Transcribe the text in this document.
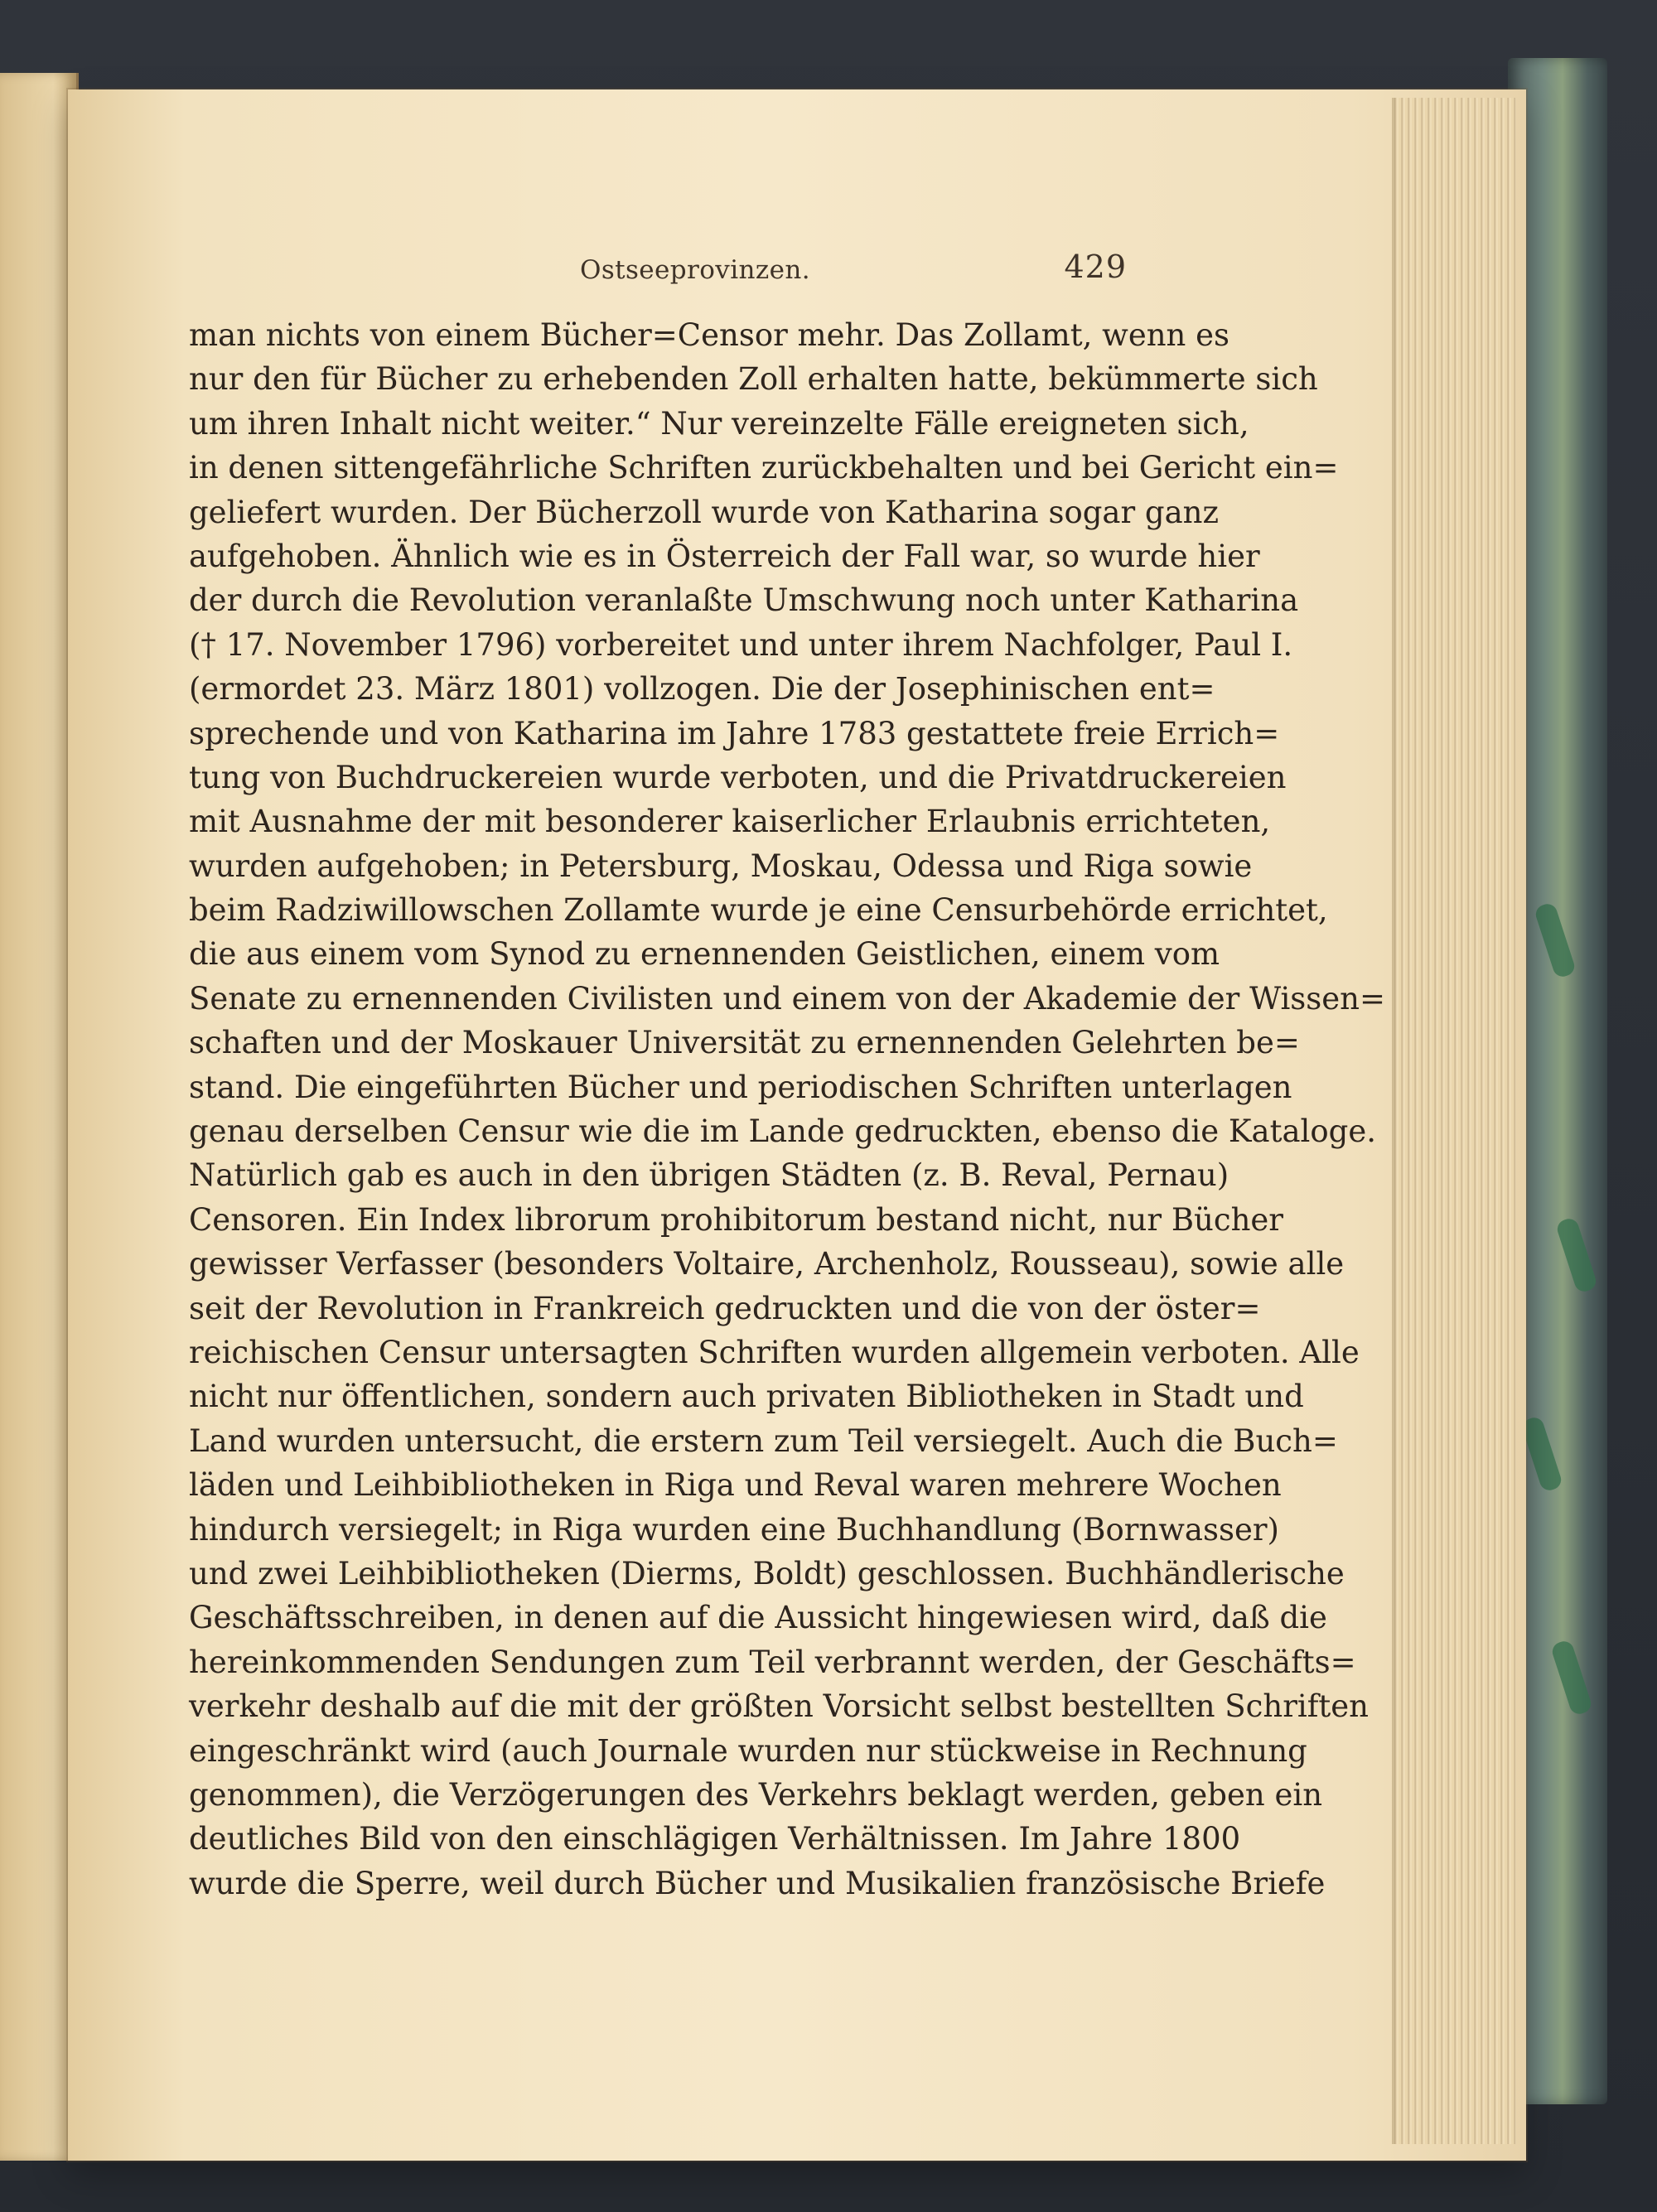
Ostseeprovinzen.	429
man nichts von einem Bücher=Censor mehr. Das Zollamt, wenn es
nur den für Bücher zu erhebenden Zoll erhalten hatte, bekümmerte sich
um ihren Inhalt nicht weiter.“ Nur vereinzelte Fälle ereigneten sich,
in denen sittengefährliche Schriften zurückbehalten und bei Gericht ein=
geliefert wurden. Der Bücherzoll wurde von Katharina sogar ganz
aufgehoben. Ähnlich wie es in Österreich der Fall war, so wurde hier
der durch die Revolution veranlaßte Umschwung noch unter Katharina
(† 17. November 1796) vorbereitet und unter ihrem Nachfolger, Paul I.
(ermordet 23. März 1801) vollzogen. Die der Josephinischen ent=
sprechende und von Katharina im Jahre 1783 gestattete freie Errich=
tung von Buchdruckereien wurde verboten, und die Privatdruckereien
mit Ausnahme der mit besonderer kaiserlicher Erlaubnis errichteten,
wurden aufgehoben; in Petersburg, Moskau, Odessa und Riga sowie
beim Radziwillowschen Zollamte wurde je eine Censurbehörde errichtet,
die aus einem vom Synod zu ernennenden Geistlichen, einem vom
Senate zu ernennenden Civilisten und einem von der Akademie der Wissen=
schaften und der Moskauer Universität zu ernennenden Gelehrten be=
stand. Die eingeführten Bücher und periodischen Schriften unterlagen
genau derselben Censur wie die im Lande gedruckten, ebenso die Kataloge.
Natürlich gab es auch in den übrigen Städten (z. B. Reval, Pernau)
Censoren. Ein Index librorum prohibitorum bestand nicht, nur Bücher
gewisser Verfasser (besonders Voltaire, Archenholz, Rousseau), sowie alle
seit der Revolution in Frankreich gedruckten und die von der öster=
reichischen Censur untersagten Schriften wurden allgemein verboten. Alle
nicht nur öffentlichen, sondern auch privaten Bibliotheken in Stadt und
Land wurden untersucht, die erstern zum Teil versiegelt. Auch die Buch=
läden und Leihbibliotheken in Riga und Reval waren mehrere Wochen
hindurch versiegelt; in Riga wurden eine Buchhandlung (Bornwasser)
und zwei Leihbibliotheken (Dierms, Boldt) geschlossen. Buchhändlerische
Geschäftsschreiben, in denen auf die Aussicht hingewiesen wird, daß die
hereinkommenden Sendungen zum Teil verbrannt werden, der Geschäfts=
verkehr deshalb auf die mit der größten Vorsicht selbst bestellten Schriften
eingeschränkt wird (auch Journale wurden nur stückweise in Rechnung
genommen), die Verzögerungen des Verkehrs beklagt werden, geben ein
deutliches Bild von den einschlägigen Verhältnissen. Im Jahre 1800
wurde die Sperre, weil durch Bücher und Musikalien französische Briefe
